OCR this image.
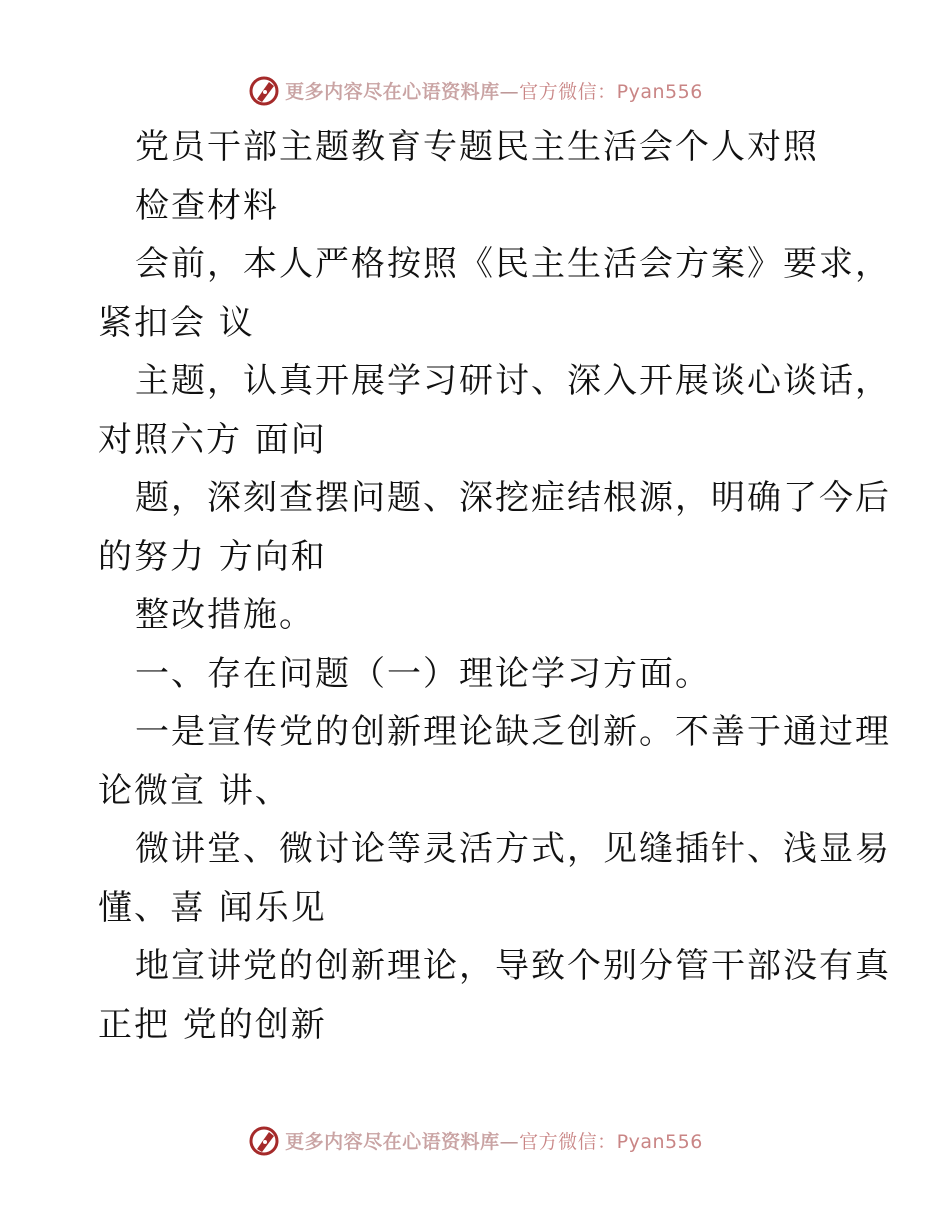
更多内容尽在心语资料库—官方微信：Pyan556
党员干部主题教育专题民主生活会个人对照
检查材料
会前，本人严格按照《民主生活会方案》要求，
紧扣会 议
主题，认真开展学习研讨、深入开展谈心谈话，
对照六方 面问
题，深刻查摆问题、深挖症结根源，明确了今后
的努力 方向和
整改措施。
一、存在问题（一）理论学习方面。
一是宣传党的创新理论缺乏创新。不善于通过理
论微宣 讲、
微讲堂、微讨论等灵活方式，见缝插针、浅显易
懂、喜 闻乐见
地宣讲党的创新理论，导致个别分管干部没有真
正把 党的创新
更多内容尽在心语资料库—官方微信：Pyan556
